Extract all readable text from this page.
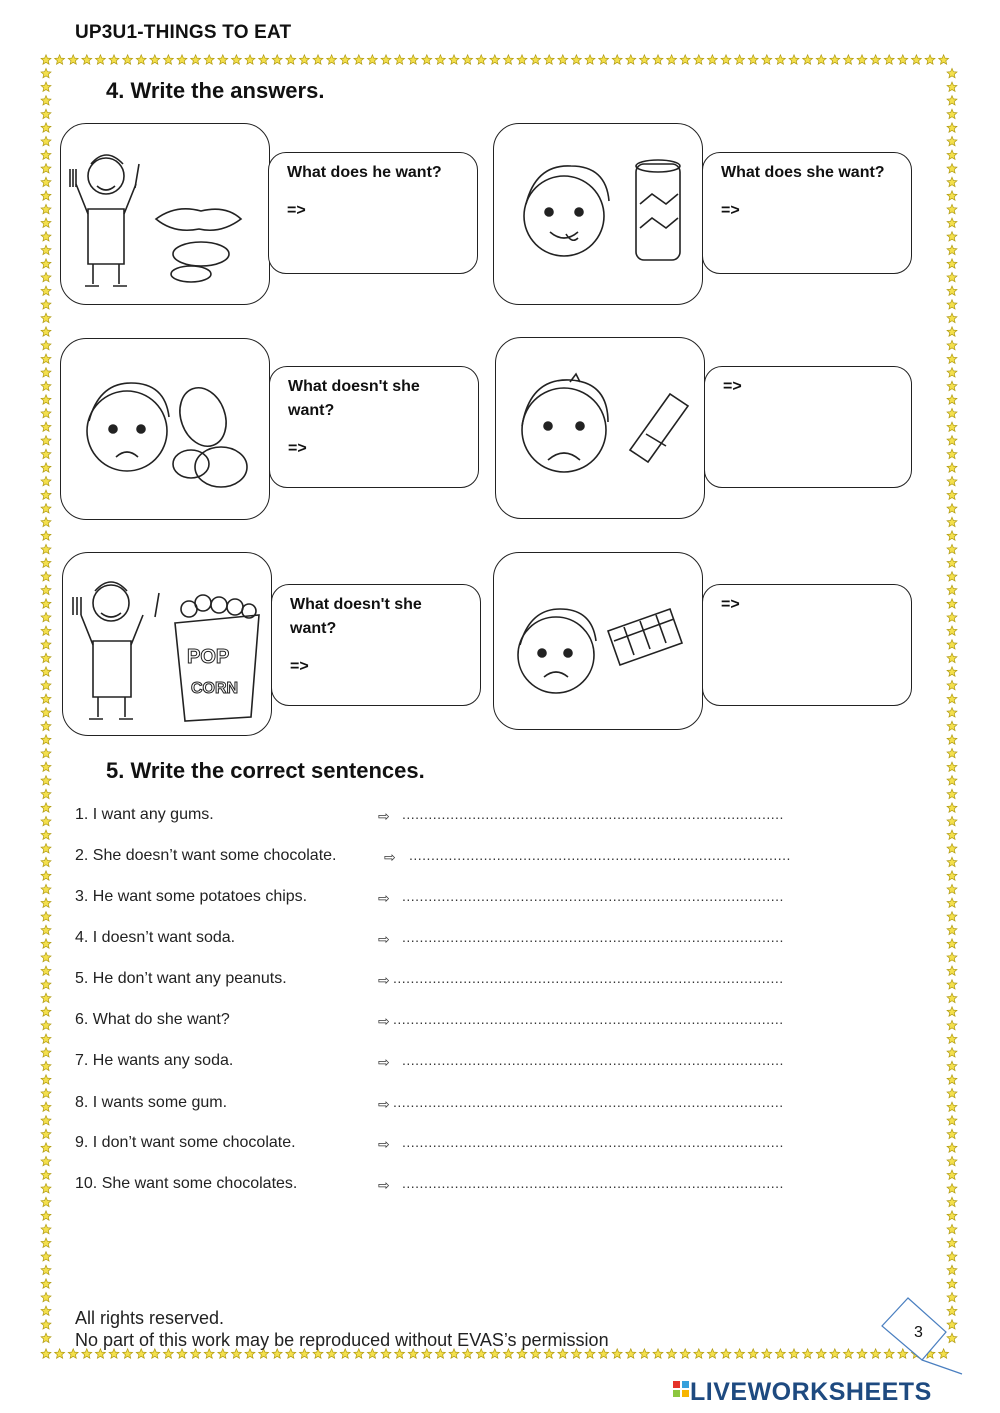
UP3U1-THINGS TO EAT
4. Write the answers.
What does he want?
=>
What does she want?
=>
What doesn't she want?
=>
=>
POP
CORN
What doesn't she want?
=>
=>
5. Write the correct sentences.
1. I want any gums.	⇨ .......................................................................................
2. She doesn’t want some chocolate.	⇨ .......................................................................................
3. He want some potatoes chips.	⇨ .......................................................................................
4. I doesn’t want soda.	⇨ .......................................................................................
5. He don’t want any peanuts.	⇨ .........................................................................................
6. What do she want?	⇨ .........................................................................................
7. He wants any soda.	⇨ .......................................................................................
8. I wants some gum.	⇨ .........................................................................................
9. I don’t want some chocolate.	⇨ .......................................................................................
10. She want some chocolates.	⇨ .......................................................................................
All rights reserved.
No part of this work may be reproduced without EVAS’s permission	3
LIVEWORKSHEETS
